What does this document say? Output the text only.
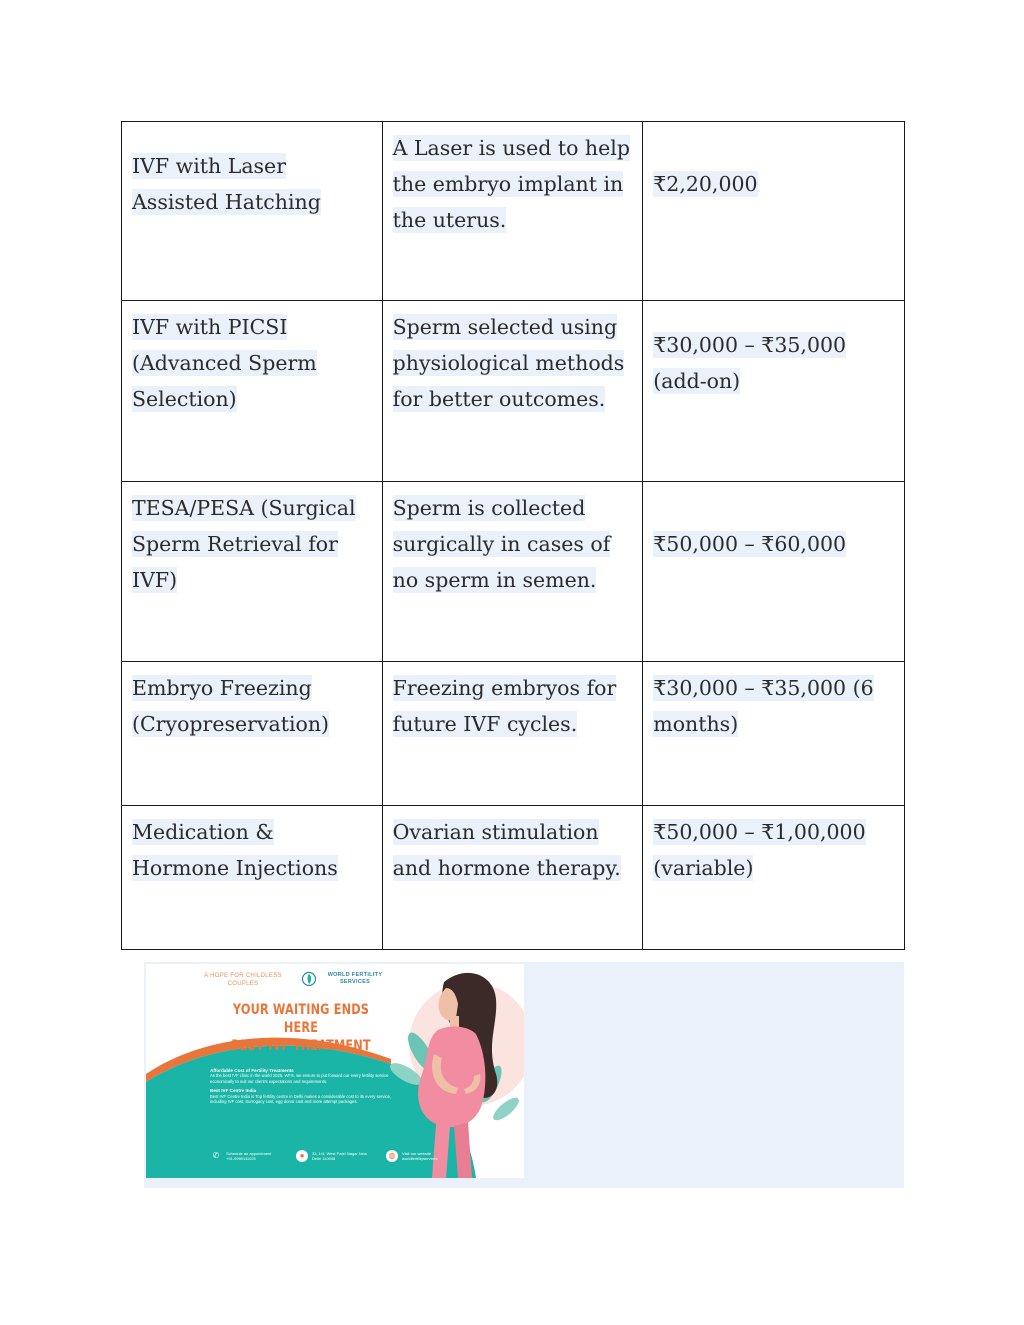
IVF with Laser Assisted Hatching	A Laser is used to help the embryo implant in the uterus.	₹2,20,000
IVF with PICSI (Advanced Sperm Selection)	Sperm selected using physiological methods for better outcomes.	₹30,000 – ₹35,000 (add-on)
TESA/PESA (Surgical Sperm Retrieval for IVF)	Sperm is collected surgically in cases of no sperm in semen.	₹50,000 – ₹60,000
Embryo Freezing (Cryopreservation)	Freezing embryos for future IVF cycles.	₹30,000 – ₹35,000 (6 months)
Medication & Hormone Injections	Ovarian stimulation and hormone therapy.	₹50,000 – ₹1,00,000 (variable)
A HOPE FOR CHILDLESS COUPLES
WORLD FERTILITY SERVICES
YOUR WAITING ENDS HERE
BEST IVF TREATMENT

Affordable Cost of Fertility Treatments
As the best IVF clinic in the world 2025, WFS, we ensure to put forward our every fertility service economically to suit our client's expectations and requirements.

Best IVF Centre India
Best IVF Centre India is Top fertility centre in Delhi makes a considerable cost to its every service, including IVF cost, Surrogacy cost, egg donor cost and more attempt packages.

✆	Schedule an appointment
+91-9990111025	●	33, 1/4, West Patel Nagar New Delhi 110008	◍	Visit our website
worldfertilityservices
